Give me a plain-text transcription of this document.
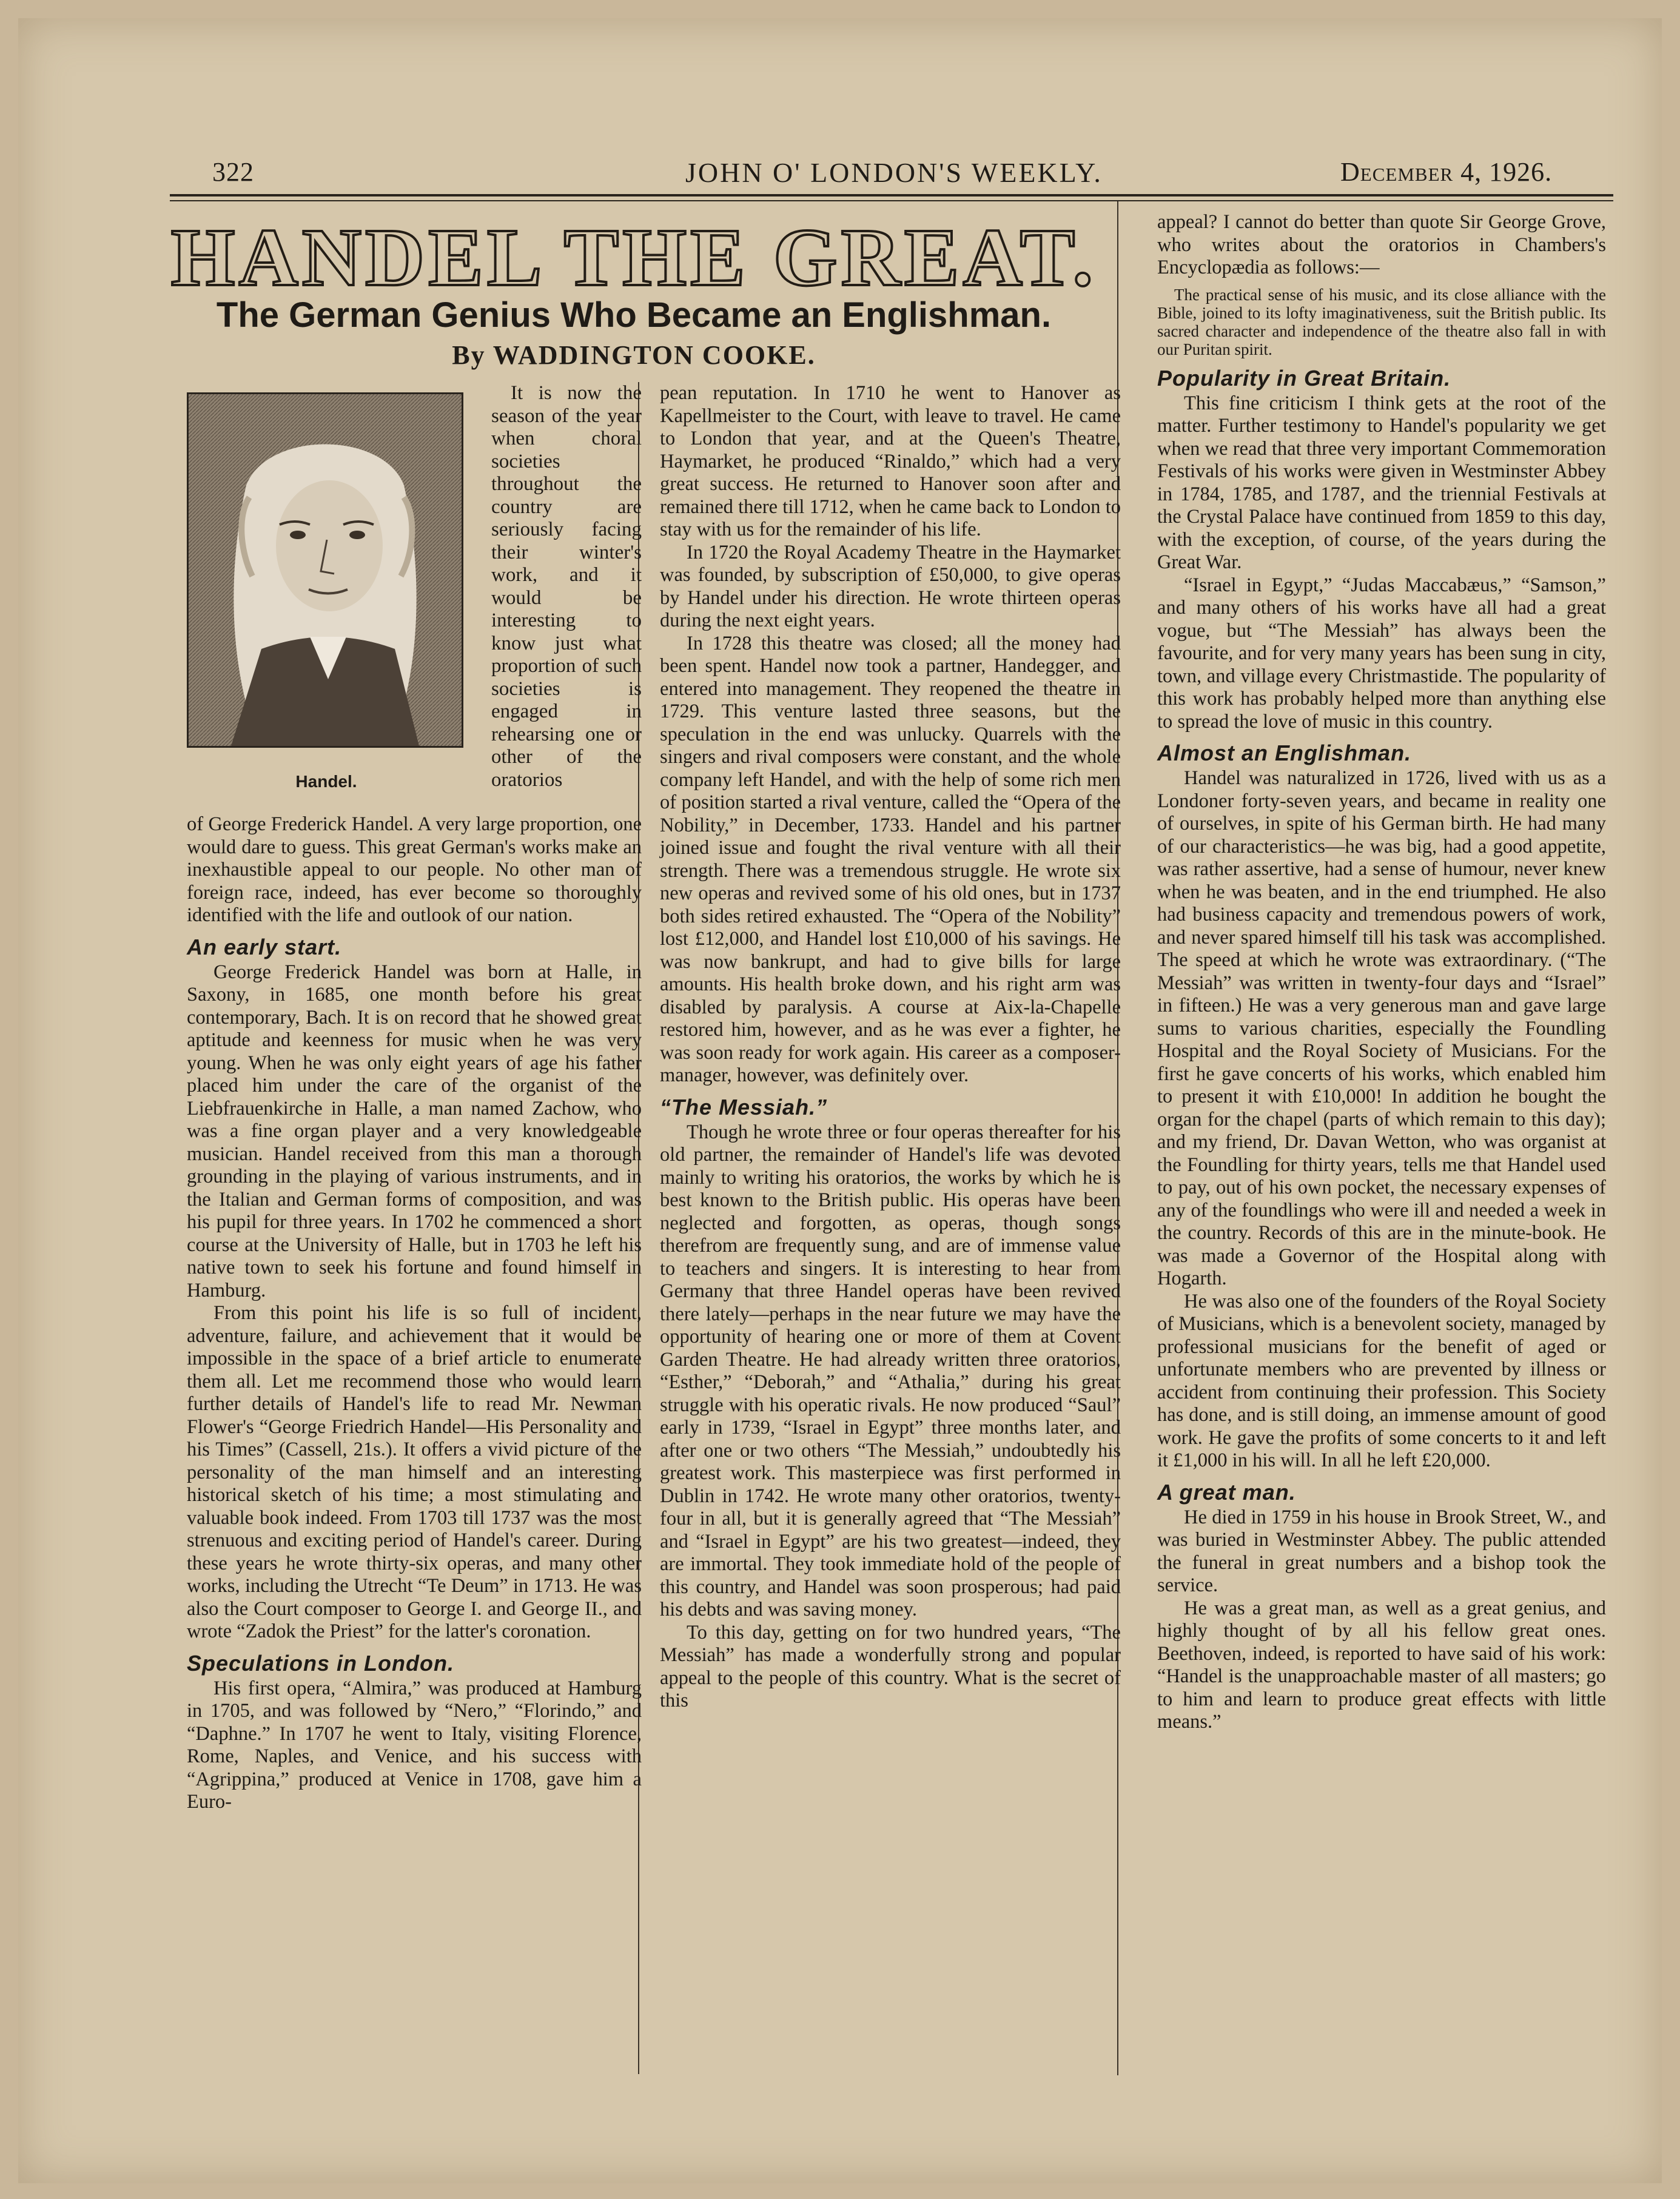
322	JOHN O' LONDON'S WEEKLY.	December 4, 1926.
HANDEL THE GREAT.
The German Genius Who Became an Englishman.
By WADDINGTON COOKE.
Handel.

It is now the season of the year when choral societies throughout the country are seriously facing their winter's work, and it would be interesting to know just what proportion of such societies is engaged in rehearsing one or other of the oratorios

of George Frederick Handel. A very large proportion, one would dare to guess. This great German's works make an inexhaustible appeal to our people. No other man of foreign race, indeed, has ever become so thoroughly identified with the life and outlook of our nation.

An early start.

George Frederick Handel was born at Halle, in Saxony, in 1685, one month before his great contemporary, Bach. It is on record that he showed great aptitude and keenness for music when he was very young. When he was only eight years of age his father placed him under the care of the organist of the Liebfrauenkirche in Halle, a man named Zachow, who was a fine organ player and a very knowledgeable musician. Handel received from this man a thorough grounding in the playing of various instruments, and in the Italian and German forms of composition, and was his pupil for three years. In 1702 he commenced a short course at the University of Halle, but in 1703 he left his native town to seek his fortune and found himself in Hamburg.

From this point his life is so full of incident, adventure, failure, and achievement that it would be impossible in the space of a brief article to enumerate them all. Let me recommend those who would learn further details of Handel's life to read Mr. Newman Flower's “George Friedrich Handel—His Personality and his Times” (Cassell, 21s.). It offers a vivid picture of the personality of the man himself and an interesting historical sketch of his time; a most stimulating and valuable book indeed. From 1703 till 1737 was the most strenuous and exciting period of Handel's career. During these years he wrote thirty-six operas, and many other works, including the Utrecht “Te Deum” in 1713. He was also the Court composer to George I. and George II., and wrote “Zadok the Priest” for the latter's coronation.

Speculations in London.

His first opera, “Almira,” was produced at Hamburg in 1705, and was followed by “Nero,” “Florindo,” and “Daphne.” In 1707 he went to Italy, visiting Florence, Rome, Naples, and Venice, and his success with “Agrippina,” produced at Venice in 1708, gave him a Euro-

pean reputation. In 1710 he went to Hanover as Kapellmeister to the Court, with leave to travel. He came to London that year, and at the Queen's Theatre, Haymarket, he produced “Rinaldo,” which had a very great success. He returned to Hanover soon after and remained there till 1712, when he came back to London to stay with us for the remainder of his life.

In 1720 the Royal Academy Theatre in the Haymarket was founded, by subscription of £50,000, to give operas by Handel under his direction. He wrote thirteen operas during the next eight years.

In 1728 this theatre was closed; all the money had been spent. Handel now took a partner, Handegger, and entered into management. They reopened the theatre in 1729. This venture lasted three seasons, but the speculation in the end was unlucky. Quarrels with the singers and rival composers were constant, and the whole company left Handel, and with the help of some rich men of position started a rival venture, called the “Opera of the Nobility,” in December, 1733. Handel and his partner joined issue and fought the rival venture with all their strength. There was a tremendous struggle. He wrote six new operas and revived some of his old ones, but in 1737 both sides retired exhausted. The “Opera of the Nobility” lost £12,000, and Handel lost £10,000 of his savings. He was now bankrupt, and had to give bills for large amounts. His health broke down, and his right arm was disabled by paralysis. A course at Aix-la-Chapelle restored him, however, and as he was ever a fighter, he was soon ready for work again. His career as a composer-manager, however, was definitely over.

“The Messiah.”

Though he wrote three or four operas thereafter for his old partner, the remainder of Handel's life was devoted mainly to writing his oratorios, the works by which he is best known to the British public. His operas have been neglected and forgotten, as operas, though songs therefrom are frequently sung, and are of immense value to teachers and singers. It is interesting to hear from Germany that three Handel operas have been revived there lately—perhaps in the near future we may have the opportunity of hearing one or more of them at Covent Garden Theatre. He had already written three oratorios, “Esther,” “Deborah,” and “Athalia,” during his great struggle with his operatic rivals. He now produced “Saul” early in 1739, “Israel in Egypt” three months later, and after one or two others “The Messiah,” undoubtedly his greatest work. This masterpiece was first performed in Dublin in 1742. He wrote many other oratorios, twenty-four in all, but it is generally agreed that “The Messiah” and “Israel in Egypt” are his two greatest—indeed, they are immortal. They took immediate hold of the people of this country, and Handel was soon prosperous; had paid his debts and was saving money.

To this day, getting on for two hundred years, “The Messiah” has made a wonderfully strong and popular appeal to the people of this country. What is the secret of this

appeal? I cannot do better than quote Sir George Grove, who writes about the oratorios in Chambers's Encyclopædia as follows:—

The practical sense of his music, and its close alliance with the Bible, joined to its lofty imaginativeness, suit the British public. Its sacred character and independence of the theatre also fall in with our Puritan spirit.

Popularity in Great Britain.

This fine criticism I think gets at the root of the matter. Further testimony to Handel's popularity we get when we read that three very important Commemoration Festivals of his works were given in Westminster Abbey in 1784, 1785, and 1787, and the triennial Festivals at the Crystal Palace have continued from 1859 to this day, with the exception, of course, of the years during the Great War.

“Israel in Egypt,” “Judas Maccabæus,” “Samson,” and many others of his works have all had a great vogue, but “The Messiah” has always been the favourite, and for very many years has been sung in city, town, and village every Christmastide. The popularity of this work has probably helped more than anything else to spread the love of music in this country.

Almost an Englishman.

Handel was naturalized in 1726, lived with us as a Londoner forty-seven years, and became in reality one of ourselves, in spite of his German birth. He had many of our characteristics—he was big, had a good appetite, was rather assertive, had a sense of humour, never knew when he was beaten, and in the end triumphed. He also had business capacity and tremendous powers of work, and never spared himself till his task was accomplished. The speed at which he wrote was extraordinary. (“The Messiah” was written in twenty-four days and “Israel” in fifteen.) He was a very generous man and gave large sums to various charities, especially the Foundling Hospital and the Royal Society of Musicians. For the first he gave concerts of his works, which enabled him to present it with £10,000! In addition he bought the organ for the chapel (parts of which remain to this day); and my friend, Dr. Davan Wetton, who was organist at the Foundling for thirty years, tells me that Handel used to pay, out of his own pocket, the necessary expenses of any of the foundlings who were ill and needed a week in the country. Records of this are in the minute-book. He was made a Governor of the Hospital along with Hogarth.

He was also one of the founders of the Royal Society of Musicians, which is a benevolent society, managed by professional musicians for the benefit of aged or unfortunate members who are prevented by illness or accident from continuing their profession. This Society has done, and is still doing, an immense amount of good work. He gave the profits of some concerts to it and left it £1,000 in his will. In all he left £20,000.

A great man.

He died in 1759 in his house in Brook Street, W., and was buried in Westminster Abbey. The public attended the funeral in great numbers and a bishop took the service.

He was a great man, as well as a great genius, and highly thought of by all his fellow great ones. Beethoven, indeed, is reported to have said of his work: “Handel is the unapproachable master of all masters; go to him and learn to produce great effects with little means.”
